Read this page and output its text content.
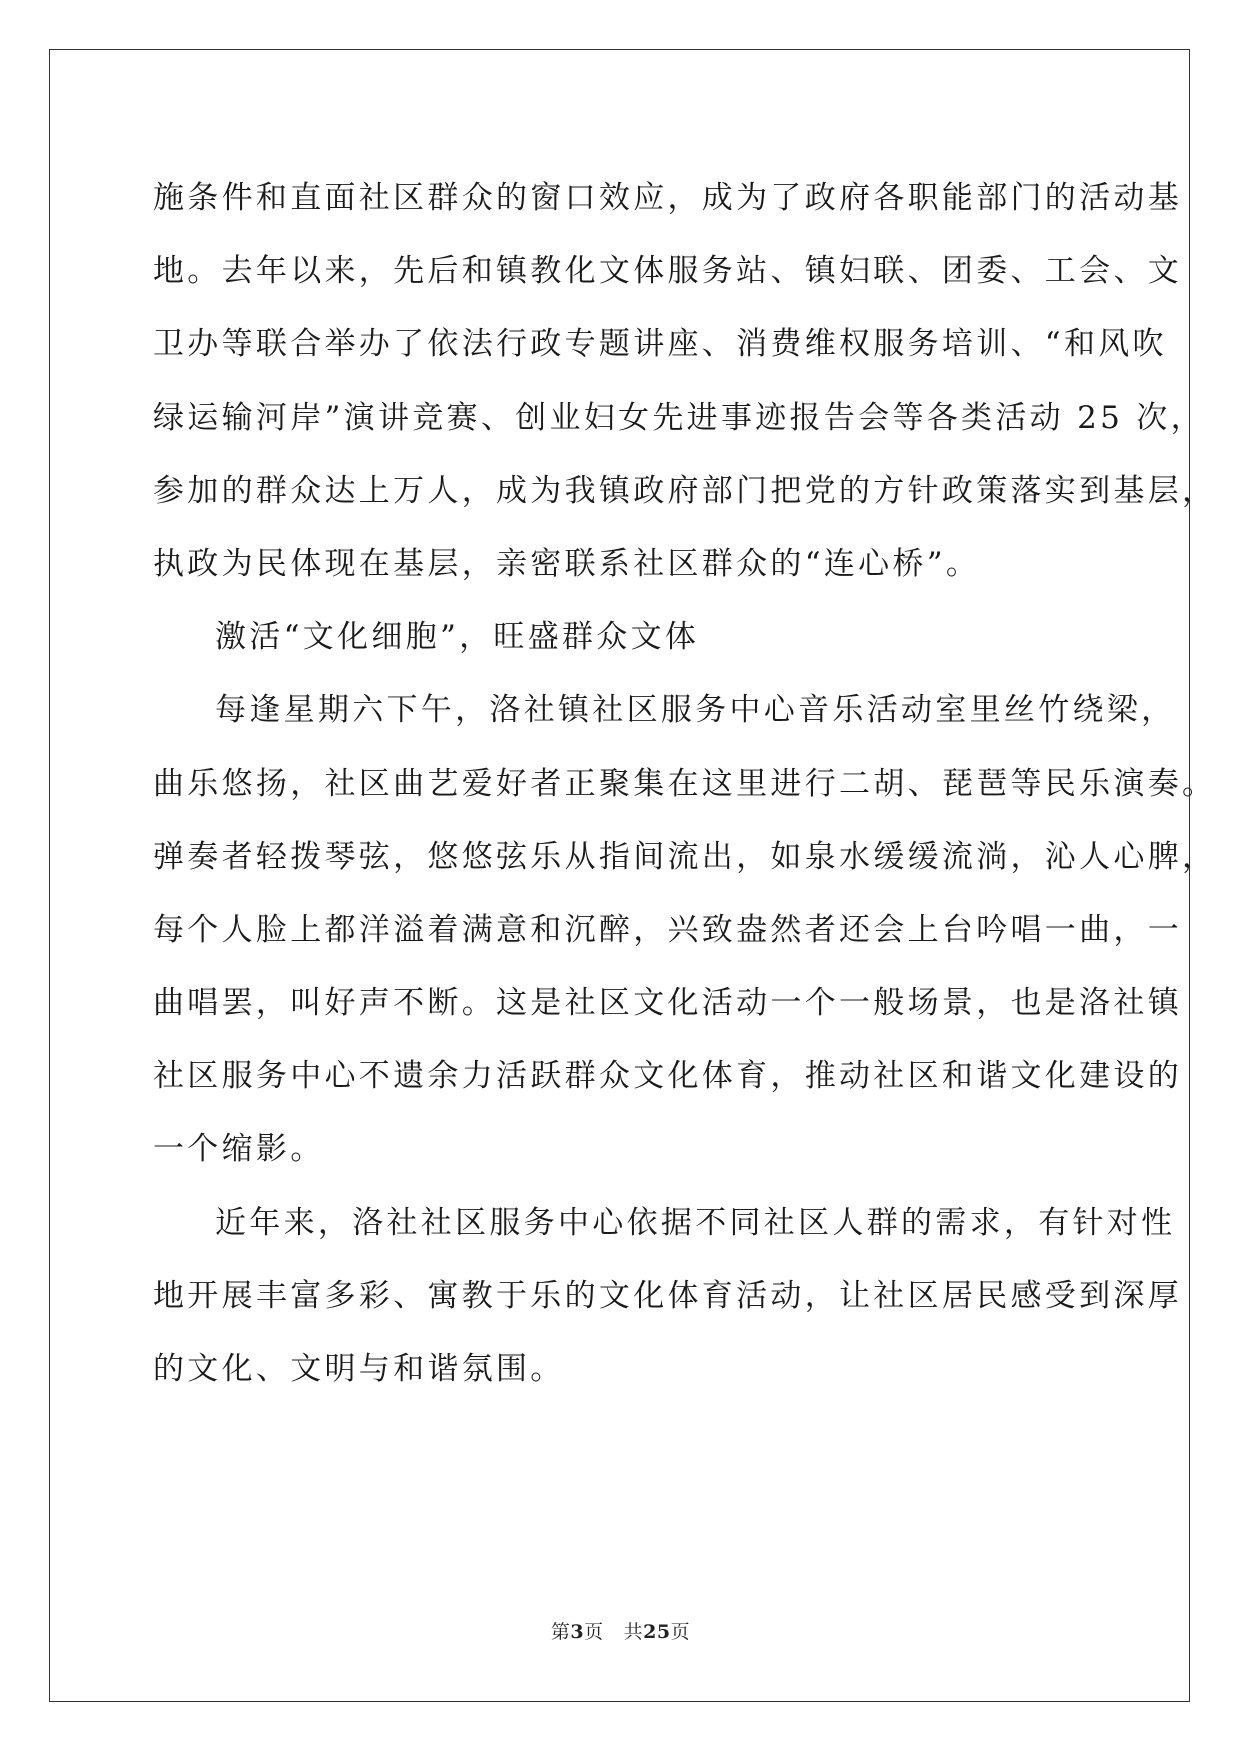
施条件和直面社区群众的窗口效应，成为了政府各职能部门的活动基
地。去年以来，先后和镇教化文体服务站、镇妇联、团委、工会、文
卫办等联合举办了依法行政专题讲座、消费维权服务培训、“和风吹
绿运输河岸”演讲竞赛、创业妇女先进事迹报告会等各类活动 25 次，
参加的群众达上万人，成为我镇政府部门把党的方针政策落实到基层，
执政为民体现在基层，亲密联系社区群众的“连心桥”。
激活“文化细胞”，旺盛群众文体
每逢星期六下午，洛社镇社区服务中心音乐活动室里丝竹绕梁，
曲乐悠扬，社区曲艺爱好者正聚集在这里进行二胡、琵琶等民乐演奏。
弹奏者轻拨琴弦，悠悠弦乐从指间流出，如泉水缓缓流淌，沁人心脾，
每个人脸上都洋溢着满意和沉醉，兴致盎然者还会上台吟唱一曲，一
曲唱罢，叫好声不断。这是社区文化活动一个一般场景，也是洛社镇
社区服务中心不遗余力活跃群众文化体育，推动社区和谐文化建设的
一个缩影。
近年来，洛社社区服务中心依据不同社区人群的需求，有针对性
地开展丰富多彩、寓教于乐的文化体育活动，让社区居民感受到深厚
的文化、文明与和谐氛围。
第3页 共25页
